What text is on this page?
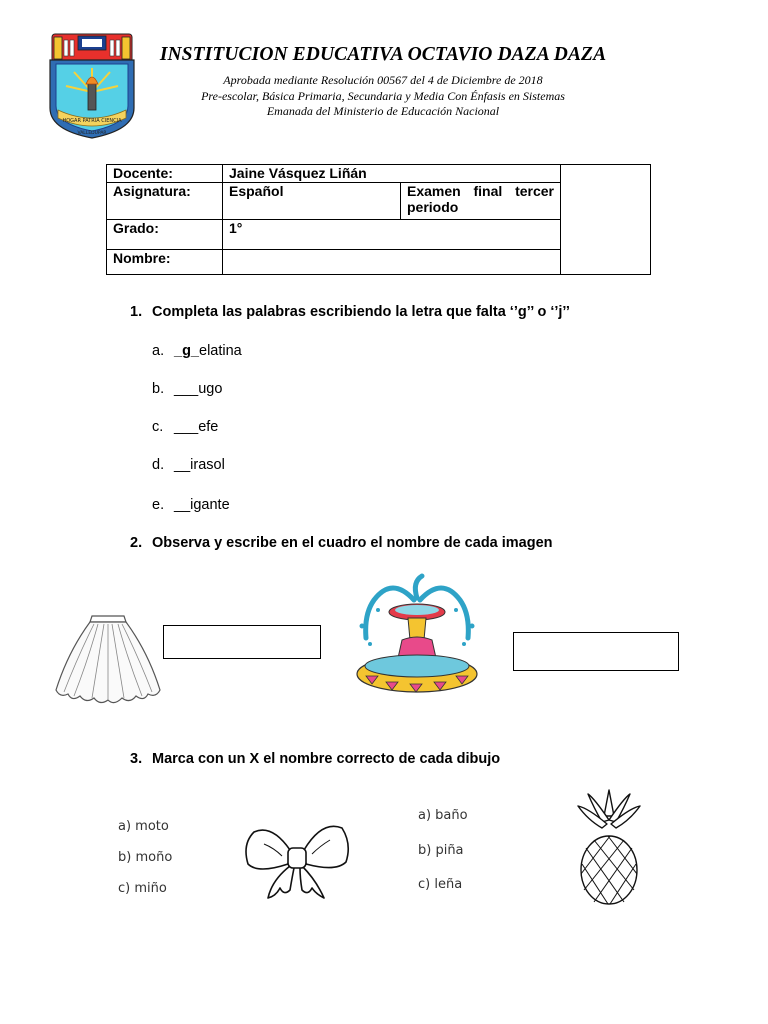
HOGAR PATRIA CIENCIA
VALLEDUPAR
INSTITUCION EDUCATIVA OCTAVIO DAZA DAZA
Aprobada mediante Resolución 00567 del 4 de Diciembre de 2018
Pre-escolar, Básica Primaria, Secundaria y Media Con Énfasis en Sistemas
Emanada del Ministerio de Educación Nacional
Docente:	Jaine Vásquez Liñán		
Asignatura:	Español	Examen final tercer periodo	
Grado:	1°		
Nombre:			
1. Completa las palabras escribiendo la letra que falta ‘’g’’ o ‘’j’’
a. _g_elatina
b. ___ugo
c. ___efe
d. __irasol
e. __igante
2. Observa y escribe en el cuadro el nombre de cada imagen
3. Marca con un X el nombre correcto de cada dibujo
a) moto
b) moño
c) miño
a) baño
b) piña
c) leña
